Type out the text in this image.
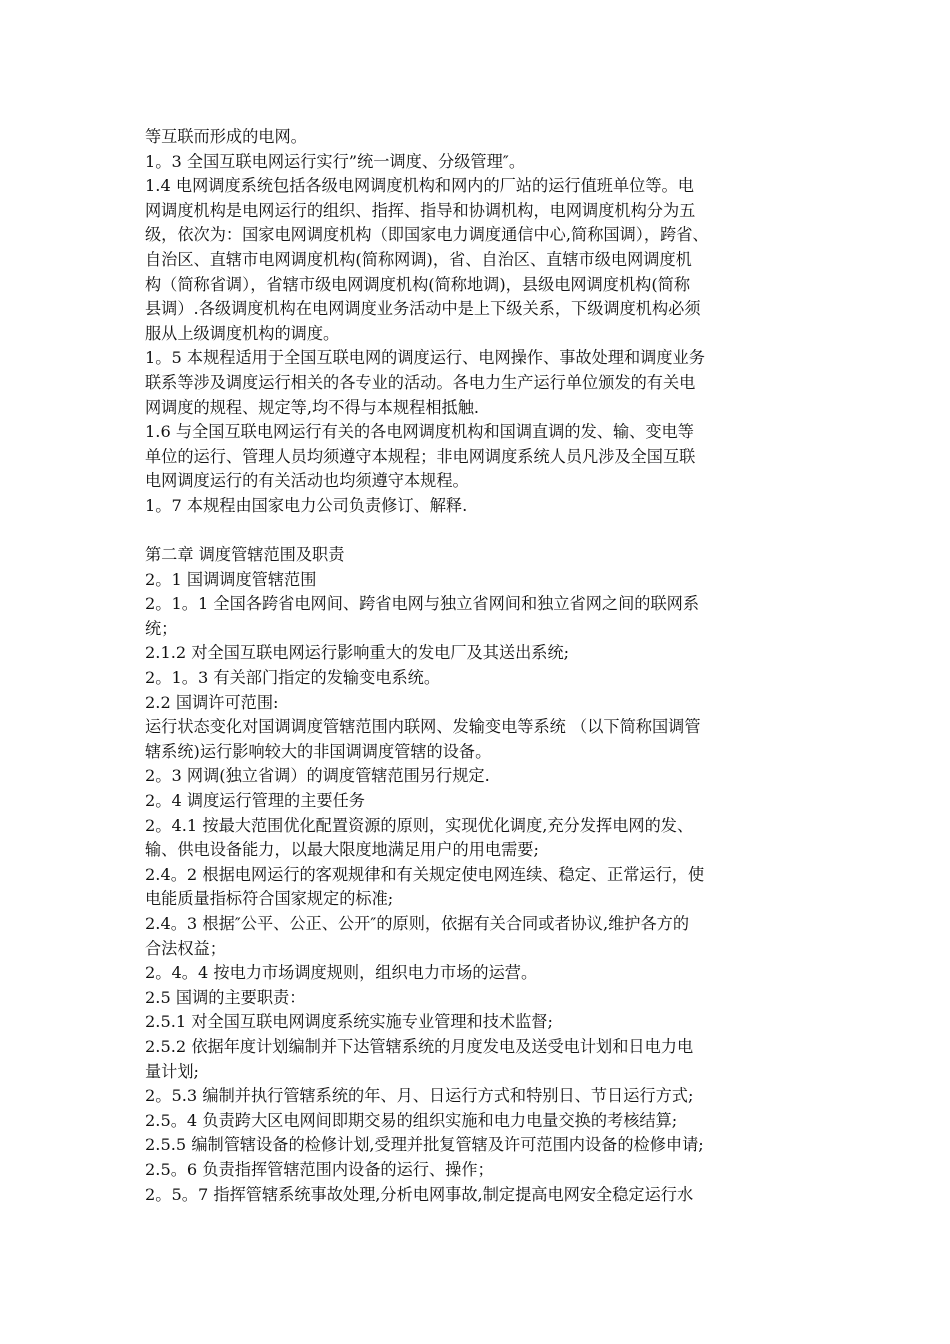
等互联而形成的电网。

1。3 全国互联电网运行实行”统一调度、分级管理″。

1.4 电网调度系统包括各级电网调度机构和网内的厂站的运行值班单位等。电

网调度机构是电网运行的组织、指挥、指导和协调机构，电网调度机构分为五

级，依次为：国家电网调度机构（即国家电力调度通信中心,简称国调），跨省、

自治区、直辖市电网调度机构(简称网调)，省、自治区、直辖市级电网调度机

构（简称省调），省辖市级电网调度机构(简称地调)，县级电网调度机构(简称

县调）.各级调度机构在电网调度业务活动中是上下级关系，下级调度机构必须

服从上级调度机构的调度。

1。5 本规程适用于全国互联电网的调度运行、电网操作、事故处理和调度业务

联系等涉及调度运行相关的各专业的活动。各电力生产运行单位颁发的有关电

网调度的规程、规定等,均不得与本规程相抵触.

1.6 与全国互联电网运行有关的各电网调度机构和国调直调的发、输、变电等

单位的运行、管理人员均须遵守本规程；非电网调度系统人员凡涉及全国互联

电网调度运行的有关活动也均须遵守本规程。

1。7 本规程由国家电力公司负责修订、解释.

第二章 调度管辖范围及职责

2。1 国调调度管辖范围

2。1。1 全国各跨省电网间、跨省电网与独立省网间和独立省网之间的联网系

统；

2.1.2 对全国互联电网运行影响重大的发电厂及其送出系统;

2。1。3 有关部门指定的发输变电系统。

2.2 国调许可范围:

运行状态变化对国调调度管辖范围内联网、发输变电等系统 （以下简称国调管

辖系统)运行影响较大的非国调调度管辖的设备。

2。3 网调(独立省调）的调度管辖范围另行规定.

2。4 调度运行管理的主要任务

2。4.1 按最大范围优化配置资源的原则，实现优化调度,充分发挥电网的发、

输、供电设备能力，以最大限度地满足用户的用电需要;

2.4。2 根据电网运行的客观规律和有关规定使电网连续、稳定、正常运行，使

电能质量指标符合国家规定的标准;

2.4。3 根据″公平、公正、公开″的原则，依据有关合同或者协议,维护各方的

合法权益；

2。4。4 按电力市场调度规则，组织电力市场的运营。

2.5 国调的主要职责：

2.5.1 对全国互联电网调度系统实施专业管理和技术监督;

2.5.2 依据年度计划编制并下达管辖系统的月度发电及送受电计划和日电力电

量计划;

2。5.3 编制并执行管辖系统的年、月、日运行方式和特别日、节日运行方式;

2.5。4 负责跨大区电网间即期交易的组织实施和电力电量交换的考核结算;

2.5.5 编制管辖设备的检修计划,受理并批复管辖及许可范围内设备的检修申请;

2.5。6 负责指挥管辖范围内设备的运行、操作；

2。5。7 指挥管辖系统事故处理,分析电网事故,制定提高电网安全稳定运行水
